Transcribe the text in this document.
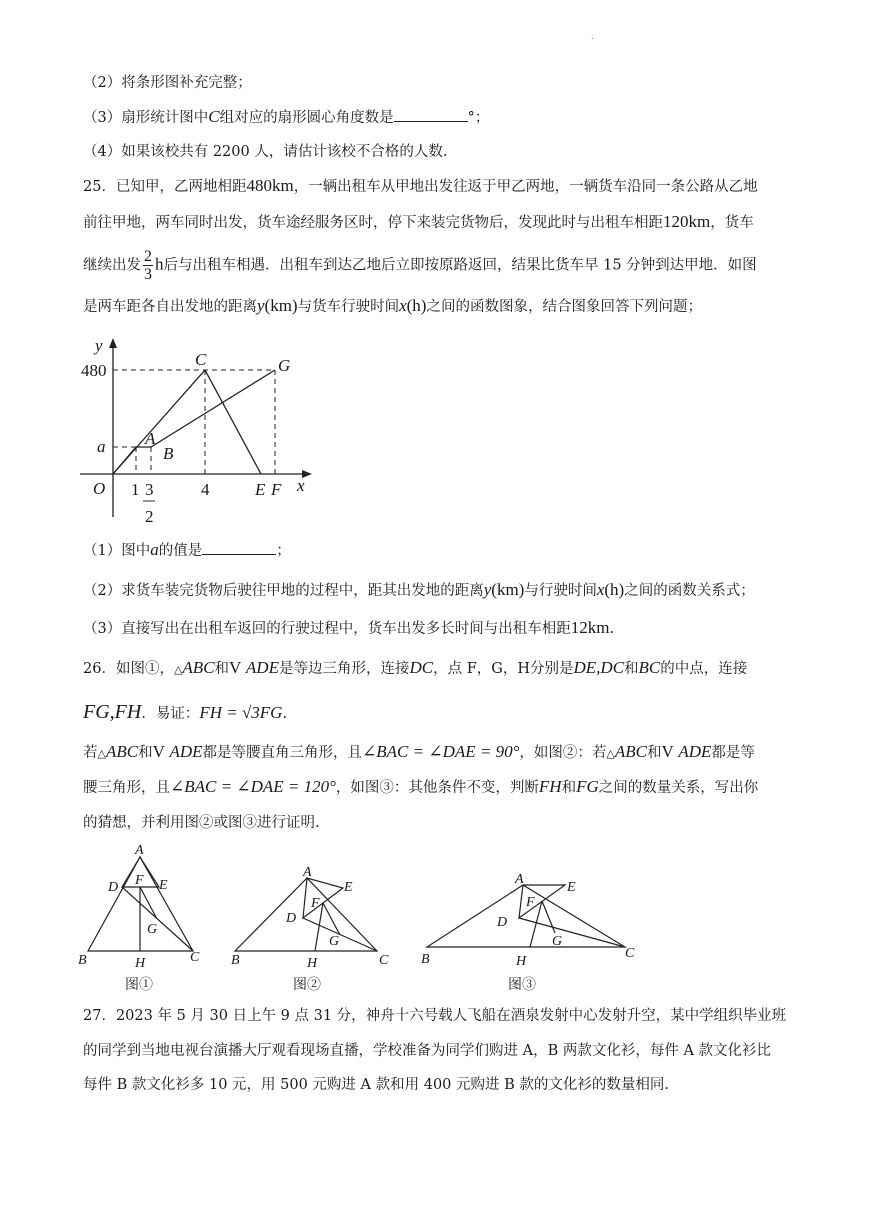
.
（2）将条形图补充完整；
（3）扇形统计图中C组对应的扇形圆心角度数是	°；
（4）如果该校共有 2200 人，请估计该校不合格的人数.
25．已知甲，乙两地相距480km，一辆出租车从甲地出发往返于甲乙两地，一辆货车沿同一条公路从乙地
前往甲地，两车同时出发，货车途经服务区时，停下来装完货物后，发现此时与出租车相距120km，货车
继续出发 $\frac{2}{3}$ h后与出租车相遇．出租车到达乙地后立即按原路返回，结果比货车早 15 分钟到达甲地．如图
是两车距各自出发地的距离y(km)与货车行驶时间x(h)之间的函数图象，结合图象回答下列问题；
y
x
480
a
O 1 3
2
4
A
B
C	G
E F
（1）图中a的值是	；
（2）求货车装完货物后驶往甲地的过程中，距其出发地的距离y(km)与行驶时间x(h)之间的函数关系式；
（3）直接写出在出租车返回的行驶过程中，货车出发多长时间与出租车相距12km.
26．如图①，△ABC和V ADE是等边三角形，连接DC，点 F，G，H分别是DE,DC和BC的中点，连接
FG,FH．易证：FH = √3FG.
若△ABC和V ADE都是等腰直角三角形，且∠BAC = ∠DAE = 90°，如图②：若△ABC和V ADE都是等
腰三角形，且∠BAC = ∠DAE = 120°，如图③：其他条件不变，判断FH和FG之间的数量关系，写出你
的猜想，并利用图②或图③进行证明.
A
D F E
G
B	H	C
A
E
F
D
G
B	H	C
A
E
F
D
G
B	H
C
图①	图②	图③
27．2023 年 5 月 30 日上午 9 点 31 分，神舟十六号载人飞船在酒泉发射中心发射升空，某中学组织毕业班
的同学到当地电视台演播大厅观看现场直播，学校准备为同学们购进 A，B 两款文化衫，每件 A 款文化衫比
每件 B 款文化衫多 10 元，用 500 元购进 A 款和用 400 元购进 B 款的文化衫的数量相同.
